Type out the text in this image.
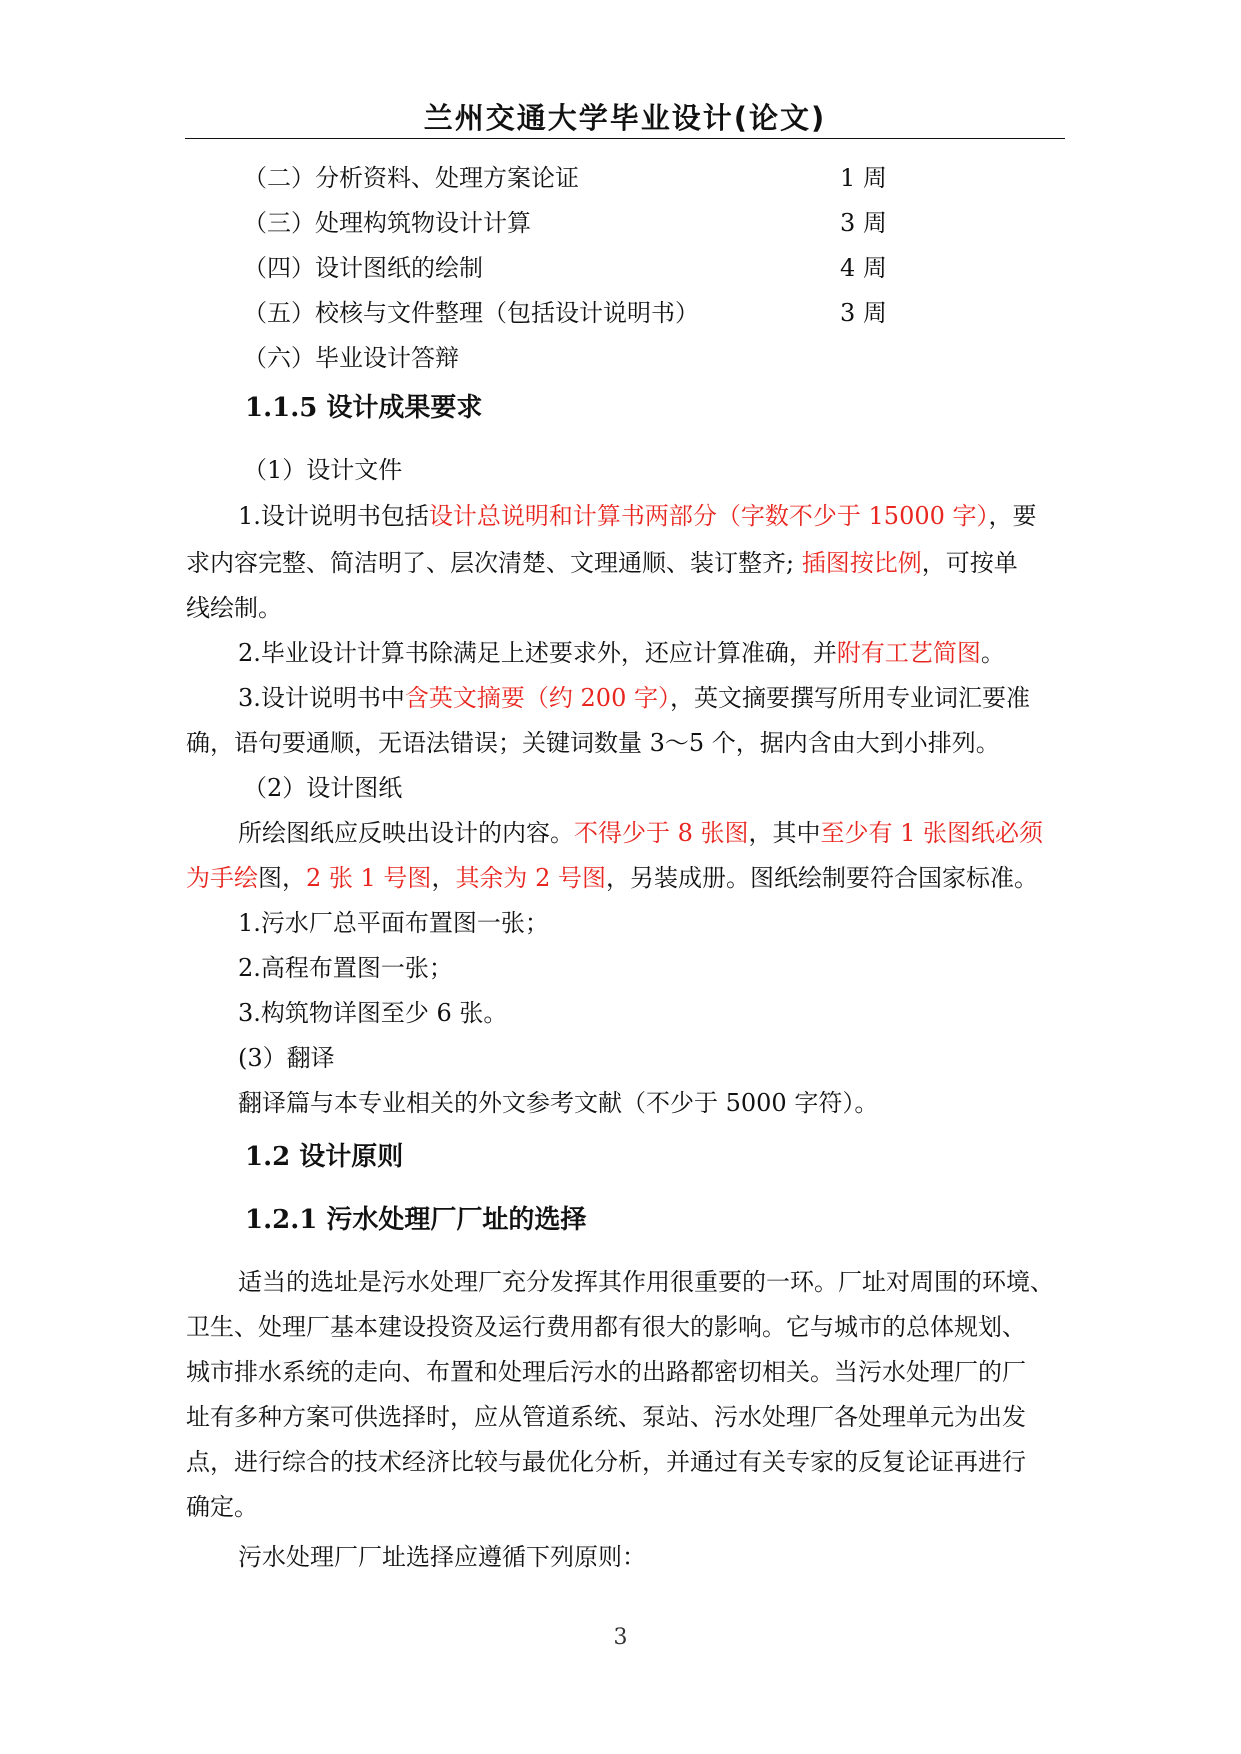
兰州交通大学毕业设计(论文)
（二）分析资料、处理方案论证	1 周
（三）处理构筑物设计计算	3 周
（四）设计图纸的绘制	4 周
（五）校核与文件整理（包括设计说明书）	3 周
（六）毕业设计答辩
1.1.5 设计成果要求
（1）设计文件
1.设计说明书包括设计总说明和计算书两部分（字数不少于 15000 字），要
求内容完整、简洁明了、层次清楚、文理通顺、装订整齐; 插图按比例，可按单
线绘制。
2.毕业设计计算书除满足上述要求外，还应计算准确，并附有工艺简图。
3.设计说明书中含英文摘要（约 200 字），英文摘要撰写所用专业词汇要准
确，语句要通顺，无语法错误；关键词数量 3～5 个，据内含由大到小排列。
（2）设计图纸
所绘图纸应反映出设计的内容。不得少于 8 张图，其中至少有 1 张图纸必须
为手绘图，2 张 1 号图，其余为 2 号图，另装成册。图纸绘制要符合国家标准。
1.污水厂总平面布置图一张；
2.高程布置图一张；
3.构筑物详图至少 6 张。
(3）翻译
翻译篇与本专业相关的外文参考文献（不少于 5000 字符）。
1.2 设计原则
1.2.1 污水处理厂厂址的选择
适当的选址是污水处理厂充分发挥其作用很重要的一环。厂址对周围的环境、
卫生、处理厂基本建设投资及运行费用都有很大的影响。它与城市的总体规划、
城市排水系统的走向、布置和处理后污水的出路都密切相关。当污水处理厂的厂
址有多种方案可供选择时，应从管道系统、泵站、污水处理厂各处理单元为出发
点，进行综合的技术经济比较与最优化分析，并通过有关专家的反复论证再进行
确定。
污水处理厂厂址选择应遵循下列原则：
3
